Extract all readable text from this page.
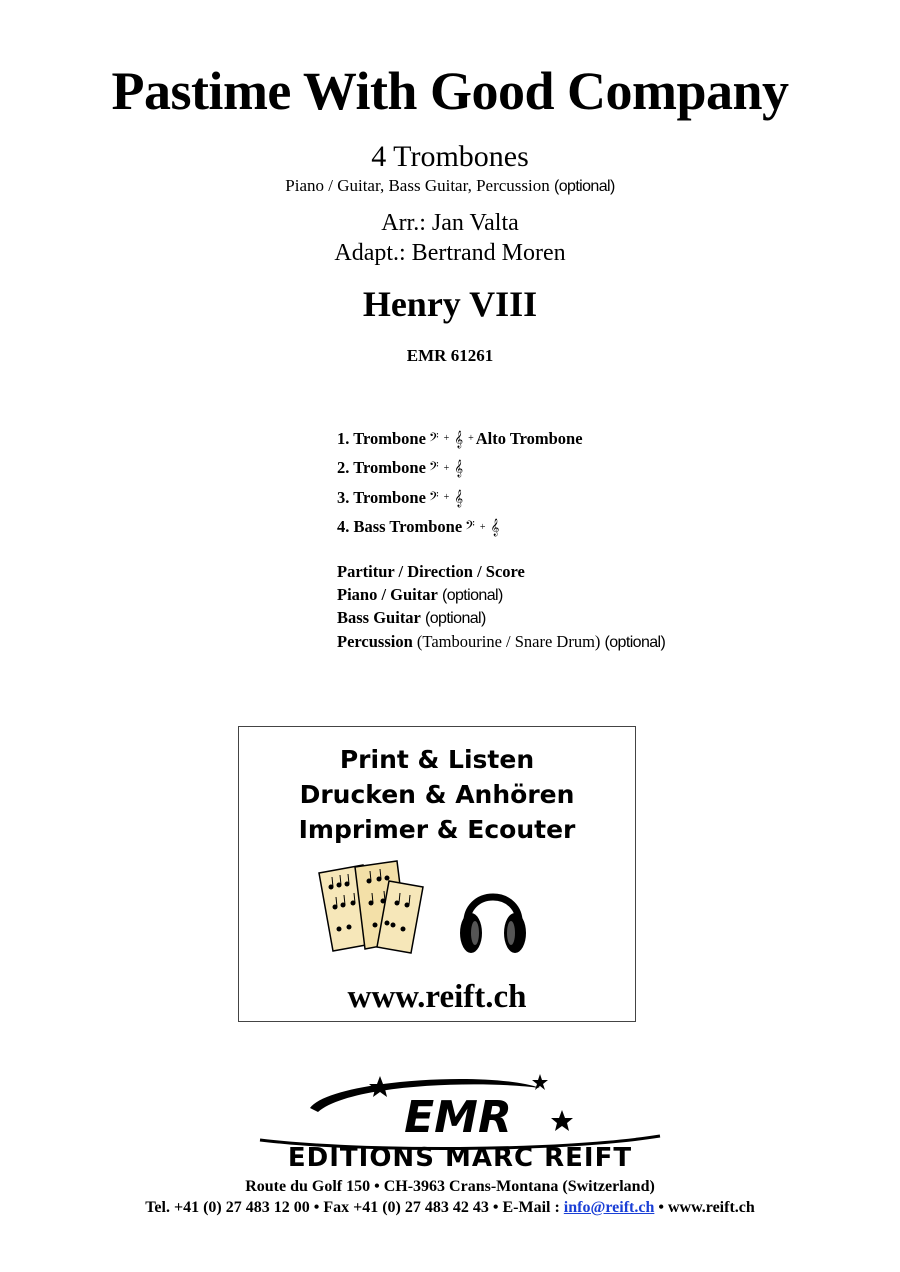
Pastime With Good Company
4 Trombones
Piano / Guitar, Bass Guitar, Percussion (optional)
Arr.: Jan Valta
Adapt.: Bertrand Moren
Henry VIII
EMR 61261
1. Trombone 𝄢 + 𝄞 + Alto Trombone
2. Trombone 𝄢 + 𝄞
3. Trombone 𝄢 + 𝄞
4. Bass Trombone 𝄢 + 𝄞
Partitur / Direction / Score
Piano / Guitar (optional)
Bass Guitar (optional)
Percussion (Tambourine / Snare Drum) (optional)
Print & Listen
Drucken & Anhören
Imprimer & Ecouter
www.reift.ch
EMR
EDITIONS MARC REIFT
Route du Golf 150 • CH-3963 Crans-Montana (Switzerland)
Tel. +41 (0) 27 483 12 00 • Fax +41 (0) 27 483 42 43 • E-Mail : info@reift.ch • www.reift.ch
